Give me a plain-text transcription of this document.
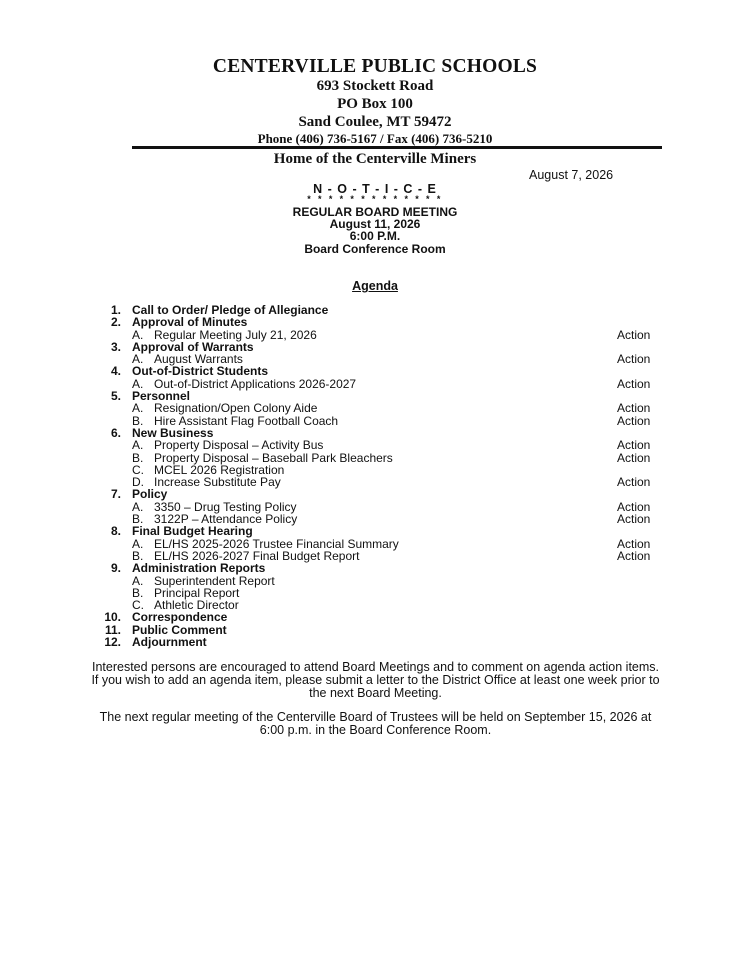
CENTERVILLE PUBLIC SCHOOLS
693 Stockett Road
PO Box 100
Sand Coulee, MT 59472
Phone (406) 736-5167 / Fax (406) 736-5210
Home of the Centerville Miners
August 7, 2026
N - O - T - I - C - E
* * * * * * * * * * * * *
REGULAR BOARD MEETING
August 11, 2026
6:00 P.M.
Board Conference Room
Agenda
1. Call to Order/ Pledge of Allegiance
2. Approval of Minutes
A. Regular Meeting July 21, 2026	Action
3. Approval of Warrants
A. August Warrants	Action
4. Out-of-District Students
A. Out-of-District Applications 2026-2027	Action
5. Personnel
A. Resignation/Open Colony Aide	Action
B. Hire Assistant Flag Football Coach	Action
6. New Business
A. Property Disposal – Activity Bus	Action
B. Property Disposal – Baseball Park Bleachers	Action
C. MCEL 2026 Registration
D. Increase Substitute Pay	Action
7. Policy
A. 3350 – Drug Testing Policy	Action
B. 3122P – Attendance Policy	Action
8. Final Budget Hearing
A. EL/HS 2025-2026 Trustee Financial Summary	Action
B. EL/HS 2026-2027 Final Budget Report	Action
9. Administration Reports
A. Superintendent Report
B. Principal Report
C. Athletic Director
10. Correspondence
11. Public Comment
12. Adjournment
Interested persons are encouraged to attend Board Meetings and to comment on agenda action items. If you wish to add an agenda item, please submit a letter to the District Office at least one week prior to the next Board Meeting.
The next regular meeting of the Centerville Board of Trustees will be held on September 15, 2026 at 6:00 p.m. in the Board Conference Room.
